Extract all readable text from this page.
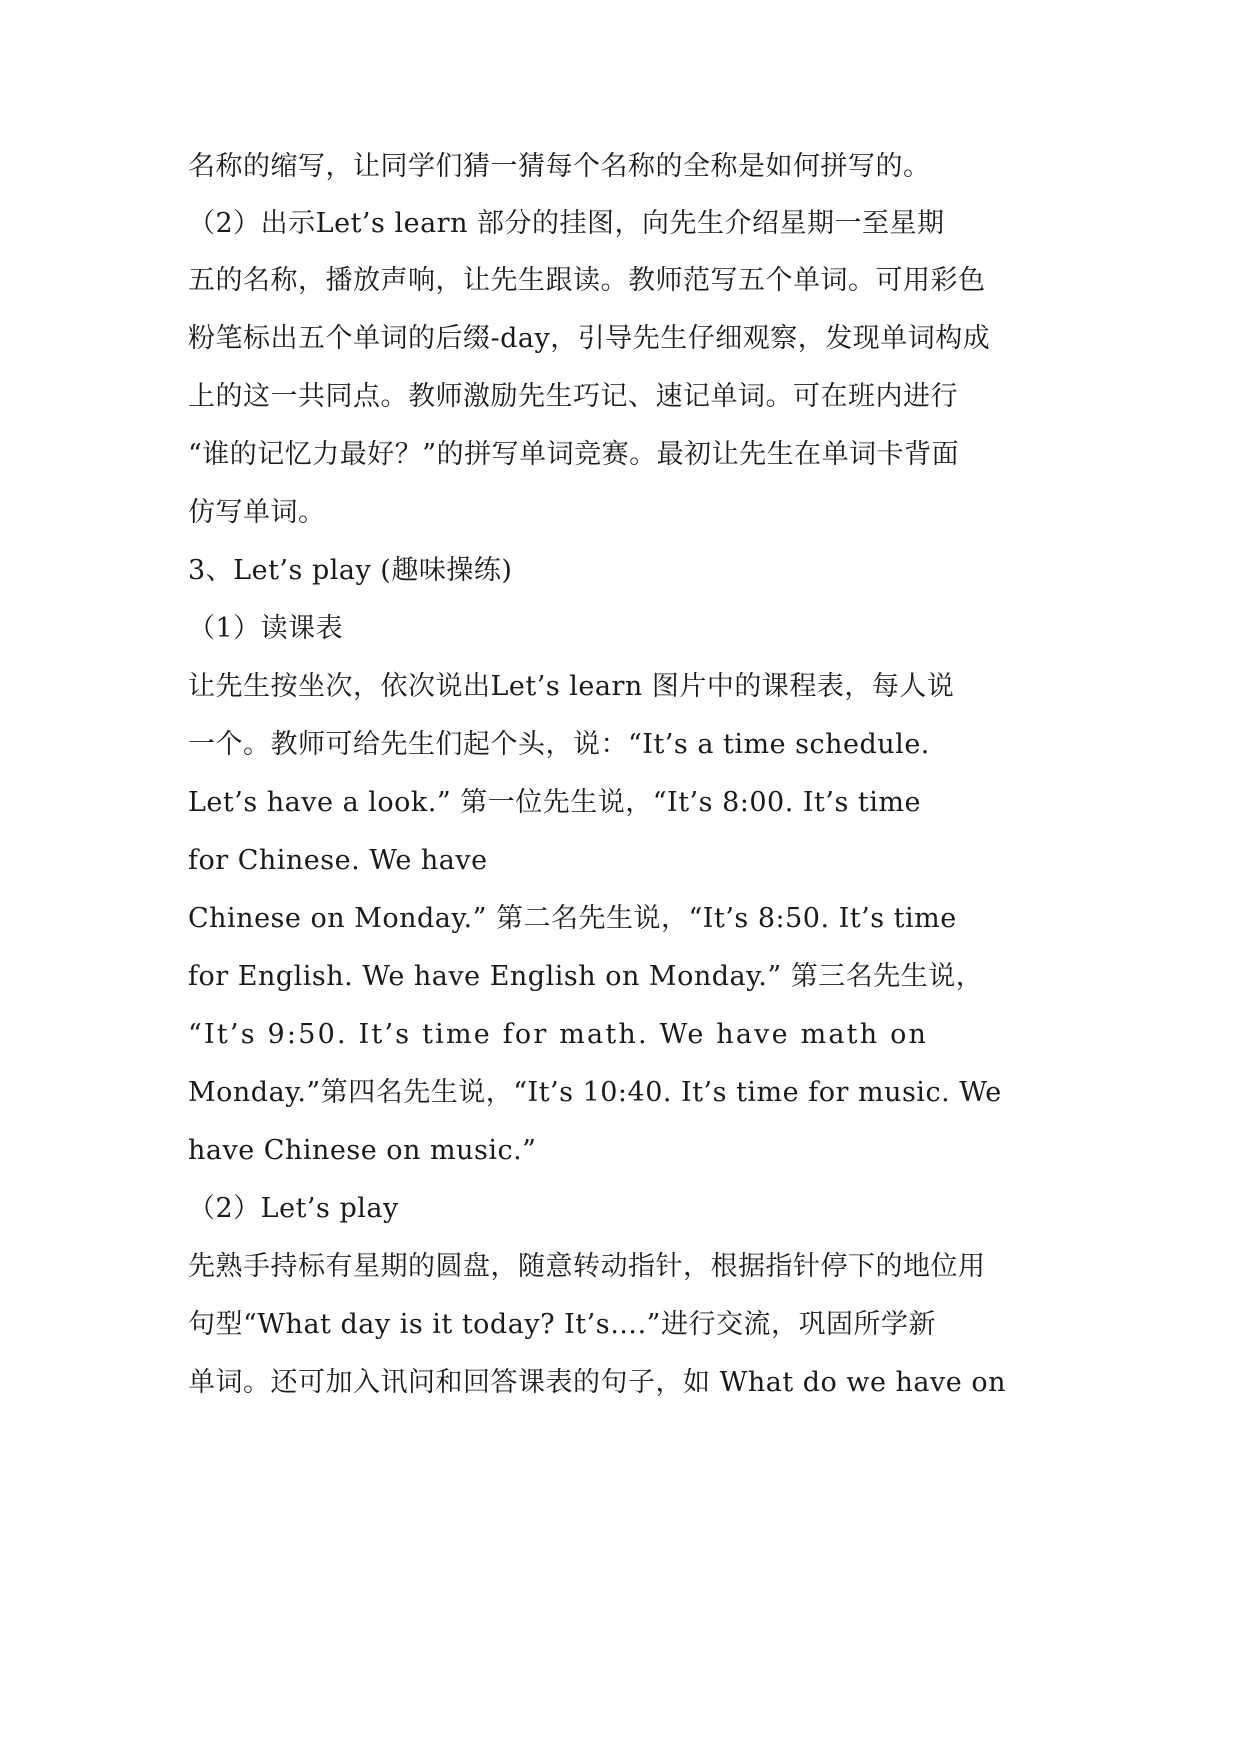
名称的缩写，让同学们猜一猜每个名称的全称是如何拼写的。
（2）出示Let’s learn 部分的挂图，向先生介绍星期一至星期
五的名称，播放声响，让先生跟读。教师范写五个单词。可用彩色
粉笔标出五个单词的后缀-day，引导先生仔细观察，发现单词构成
上的这一共同点。教师激励先生巧记、速记单词。可在班内进行
“谁的记忆力最好？”的拼写单词竞赛。最初让先生在单词卡背面
仿写单词。
3、Let’s play (趣味操练)
（1）读课表
让先生按坐次，依次说出Let’s learn 图片中的课程表，每人说
一个。教师可给先生们起个头，说：“It’s a time schedule.
Let’s have a look.” 第一位先生说，“It’s 8:00. It’s time
for Chinese. We have
Chinese on Monday.” 第二名先生说，“It’s 8:50. It’s time
for English. We have English on Monday.” 第三名先生说，
“It’s 9:50. It’s time for math. We have math on
Monday.”第四名先生说，“It’s 10:40. It’s time for music. We
have Chinese on music.”
（2）Let’s play
先熟手持标有星期的圆盘，随意转动指针，根据指针停下的地位用
句型“What day is it today? It’s….”进行交流，巩固所学新
单词。还可加入讯问和回答课表的句子，如 What do we have on
